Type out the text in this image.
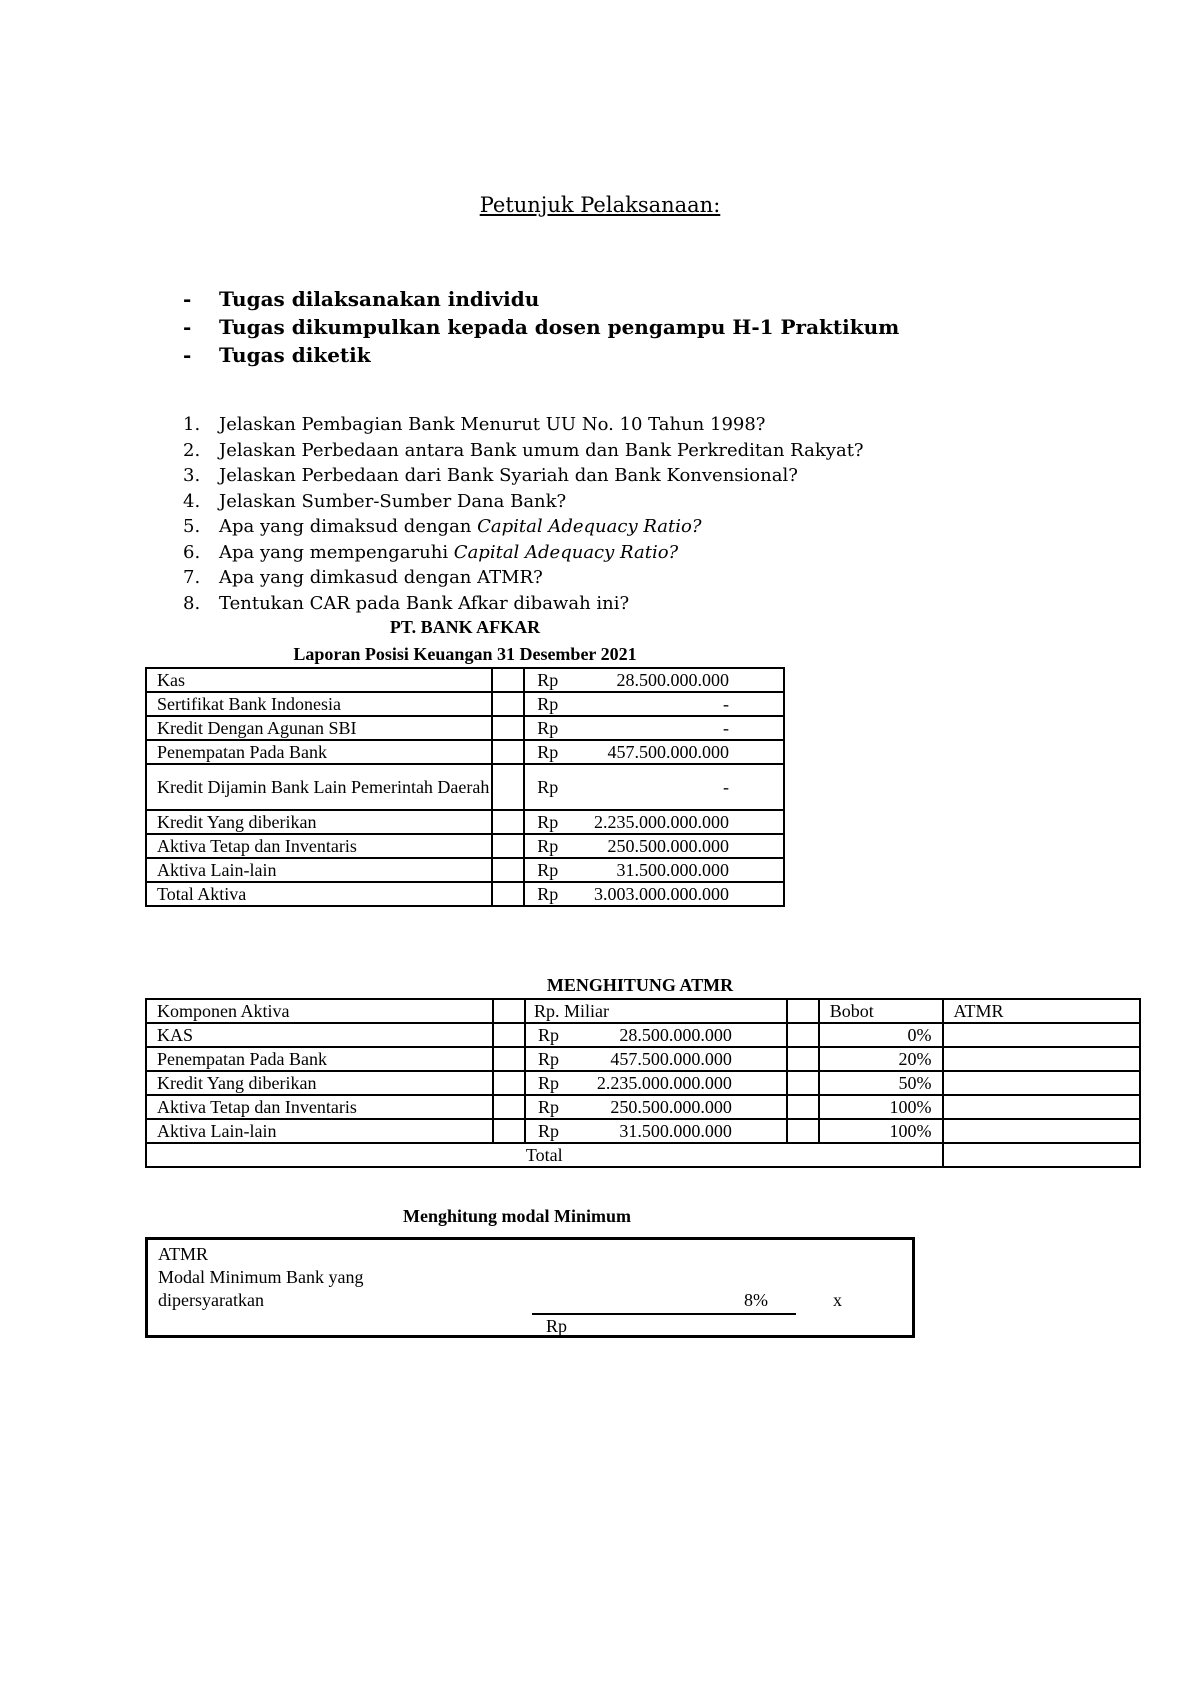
Petunjuk Pelaksanaan:
- Tugas dilaksanakan individu
- Tugas dikumpulkan kepada dosen pengampu H-1 Praktikum
- Tugas diketik
1. Jelaskan Pembagian Bank Menurut UU No. 10 Tahun 1998?
2. Jelaskan Perbedaan antara Bank umum dan Bank Perkreditan Rakyat?
3. Jelaskan Perbedaan dari Bank Syariah dan Bank Konvensional?
4. Jelaskan Sumber-Sumber Dana Bank?
5. Apa yang dimaksud dengan Capital Adequacy Ratio?
6. Apa yang mempengaruhi Capital Adequacy Ratio?
7. Apa yang dimkasud dengan ATMR?
8. Tentukan CAR pada Bank Afkar dibawah ini?
PT. BANK AFKAR
Laporan Posisi Keuangan 31 Desember 2021
Kas		Rp 28.500.000.000

Sertifikat Bank Indonesia		Rp -

Kredit Dengan Agunan SBI		Rp -

Penempatan Pada Bank		Rp 457.500.000.000

Kredit Dijamin Bank Lain Pemerintah Daerah		Rp -

Kredit Yang diberikan		Rp 2.235.000.000.000

Aktiva Tetap dan Inventaris		Rp 250.500.000.000

Aktiva Lain-lain		Rp 31.500.000.000

Total Aktiva		Rp 3.003.000.000.000
MENGHITUNG ATMR
Komponen Aktiva		Rp. Miliar		Bobot	ATMR
KAS		Rp 28.500.000.000		0%	
Penempatan Pada Bank		Rp 457.500.000.000		20%	
Kredit Yang diberikan		Rp 2.235.000.000.000		50%	
Aktiva Tetap dan Inventaris		Rp 250.500.000.000		100%	
Aktiva Lain-lain		Rp 31.500.000.000		100%	
Total					
Menghitung modal Minimum
ATMR
Modal Minimum Bank yang
dipersyaratkan	8%	x
Rp
